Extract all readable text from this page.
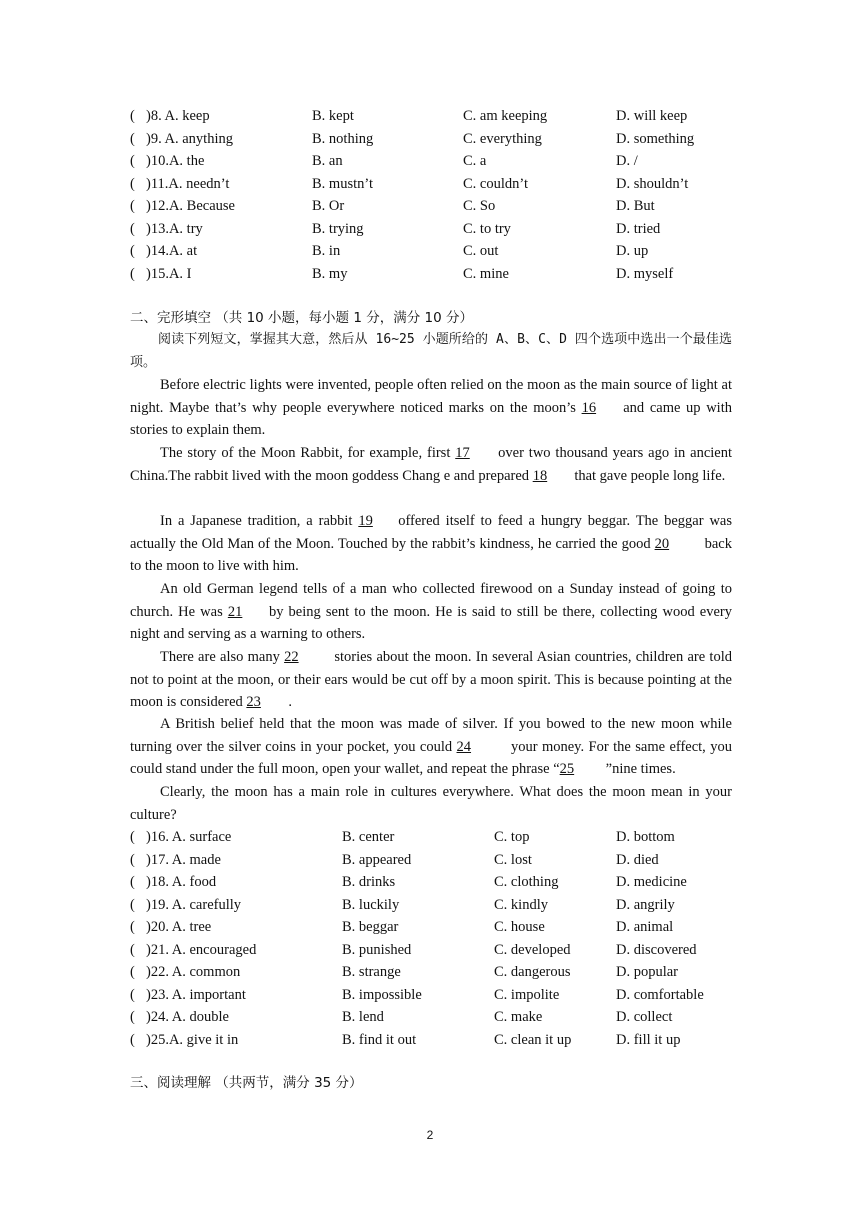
( )8. A. keep	B. kept	C. am keeping	D. will keep
( )9. A. anything	B. nothing	C. everything	D. something
( )10.A. the	B. an	C. a	D. /
( )11.A. needn’t	B. mustn’t	C. couldn’t	D. shouldn’t
( )12.A. Because	B. Or	C. So	D. But
( )13.A. try	B. trying	C. to try	D. tried
( )14.A. at	B. in	C. out	D. up
( )15.A. I	B. my	C. mine	D. myself
二、完形填空 （共 10 小题，每小题 1 分，满分 10 分）
阅读下列短文，掌握其大意，然后从 16~25 小题所给的 A、B、C、D 四个选项中选出一个最佳选项。
Before electric lights were invented, people often relied on the moon as the main source of light at night. Maybe that’s why people everywhere noticed marks on the moon’s 16 and came up with stories to explain them.
The story of the Moon Rabbit, for example, first 17 over two thousand years ago in ancient China.The rabbit lived with the moon goddess Chang e and prepared 18 that gave people long life.
In a Japanese tradition, a rabbit 19 offered itself to feed a hungry beggar. The beggar was actually the Old Man of the Moon. Touched by the rabbit’s kindness, he carried the good 20 back to the moon to live with him.
An old German legend tells of a man who collected firewood on a Sunday instead of going to church. He was 21 by being sent to the moon. He is said to still be there, collecting wood every night and serving as a warning to others.
There are also many 22 stories about the moon. In several Asian countries, children are told not to point at the moon, or their ears would be cut off by a moon spirit. This is because pointing at the moon is considered 23 .
A British belief held that the moon was made of silver. If you bowed to the new moon while turning over the silver coins in your pocket, you could 24 your money. For the same effect, you could stand under the full moon, open your wallet, and repeat the phrase “25 ”nine times.
Clearly, the moon has a main role in cultures everywhere. What does the moon mean in your culture?
( )16. A. surface	B. center	C. top	D. bottom
( )17. A. made	B. appeared	C. lost	D. died
( )18. A. food	B. drinks	C. clothing	D. medicine
( )19. A. carefully	B. luckily	C. kindly	D. angrily
( )20. A. tree	B. beggar	C. house	D. animal
( )21. A. encouraged	B. punished	C. developed	D. discovered
( )22. A. common	B. strange	C. dangerous	D. popular
( )23. A. important	B. impossible	C. impolite	D. comfortable
( )24. A. double	B. lend	C. make	D. collect
( )25.A. give it in	B. find it out	C. clean it up	D. fill it up
三、阅读理解 （共两节，满分 35 分）
2
